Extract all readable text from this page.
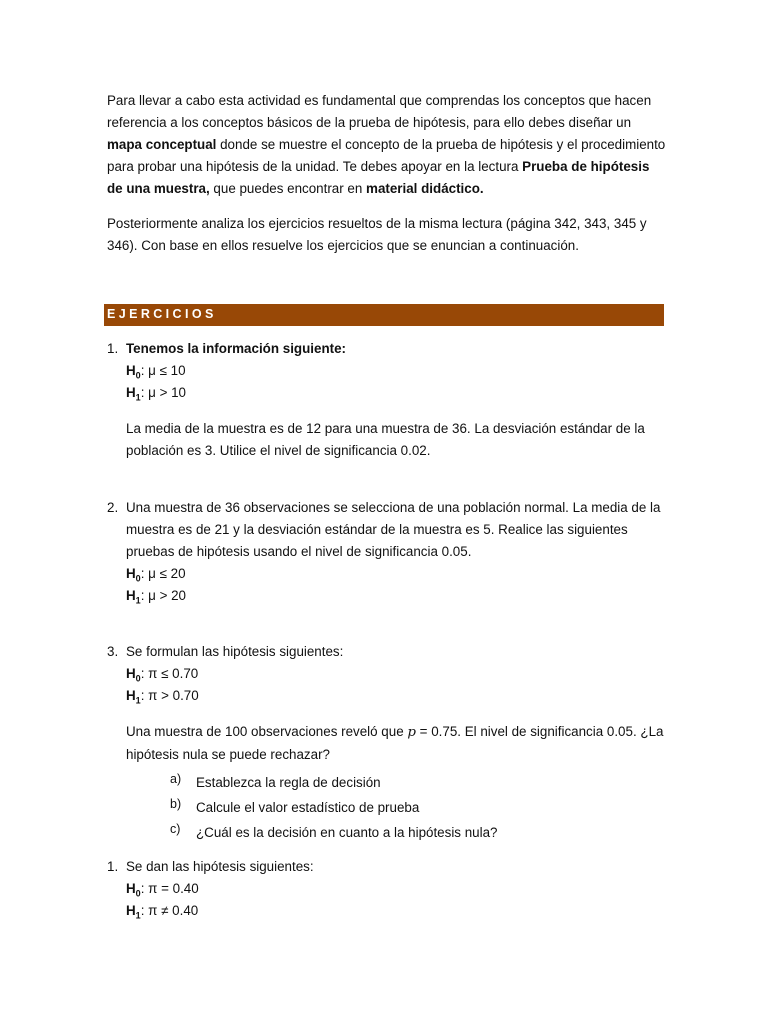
Para llevar a cabo esta actividad es fundamental que comprendas los conceptos que hacen referencia a los conceptos básicos de la prueba de hipótesis, para ello debes diseñar un mapa conceptual donde se muestre el concepto de la prueba de hipótesis y el procedimiento para probar una hipótesis de la unidad. Te debes apoyar en la lectura Prueba de hipótesis de una muestra, que puedes encontrar en material didáctico.

Posteriormente analiza los ejercicios resueltos de la misma lectura (página 342, 343, 345 y 346). Con base en ellos resuelve los ejercicios que se enuncian a continuación.

EJERCICIOS
1. Tenemos la información siguiente:

$H_0$: μ ≤ 10

$H_1$: μ > 10

La media de la muestra es de 12 para una muestra de 36. La desviación estándar de la población es 3. Utilice el nivel de significancia 0.02.

2. Una muestra de 36 observaciones se selecciona de una población normal. La media de la muestra es de 21 y la desviación estándar de la muestra es 5. Realice las siguientes pruebas de hipótesis usando el nivel de significancia 0.05.

$H_0$: μ ≤ 20

$H_1$: μ > 20

3. Se formulan las hipótesis siguientes:

$H_0$: π ≤ 0.70

$H_1$: π > 0.70

Una muestra de 100 observaciones reveló que p = 0.75. El nivel de significancia 0.05. ¿La hipótesis nula se puede rechazar?

a) Establezca la regla de decisión
b) Calcule el valor estadístico de prueba
c) ¿Cuál es la decisión en cuanto a la hipótesis nula?
1. Se dan las hipótesis siguientes:

$H_0$: π = 0.40

$H_1$: π ≠ 0.40
